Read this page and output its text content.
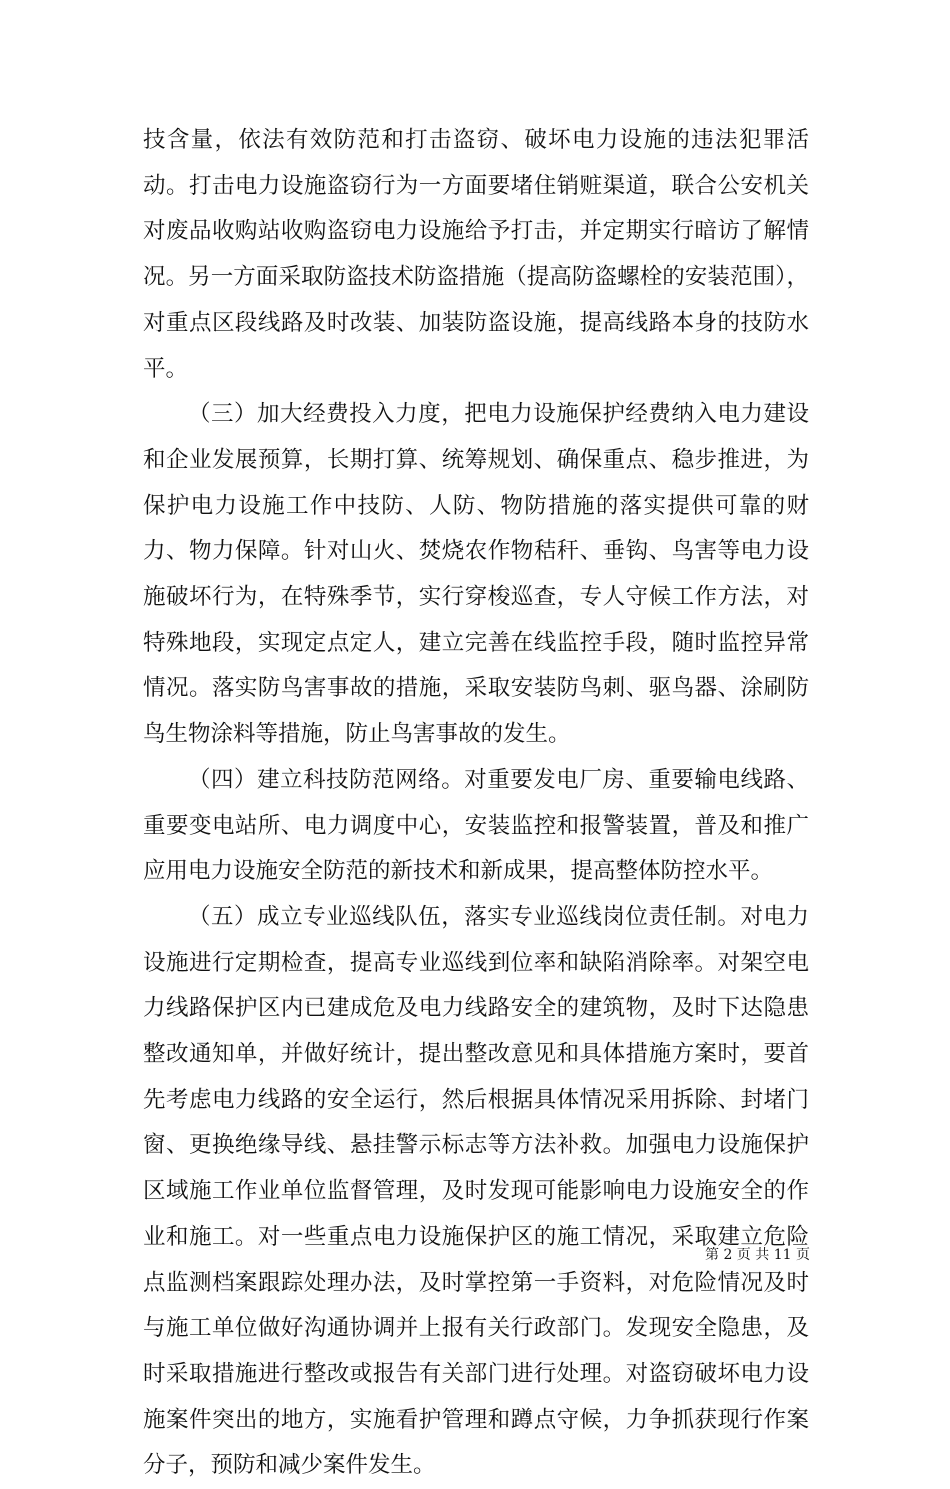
技含量，依法有效防范和打击盗窃、破坏电力设施的违法犯罪活动。打击电力设施盗窃行为一方面要堵住销赃渠道，联合公安机关对废品收购站收购盗窃电力设施给予打击，并定期实行暗访了解情况。另一方面采取防盗技术防盗措施（提高防盗螺栓的安装范围），对重点区段线路及时改装、加装防盗设施，提高线路本身的技防水平。

（三）加大经费投入力度，把电力设施保护经费纳入电力建设和企业发展预算，长期打算、统筹规划、确保重点、稳步推进，为保护电力设施工作中技防、人防、物防措施的落实提供可靠的财力、物力保障。针对山火、焚烧农作物秸秆、垂钩、鸟害等电力设施破坏行为，在特殊季节，实行穿梭巡查，专人守候工作方法，对特殊地段，实现定点定人，建立完善在线监控手段，随时监控异常情况。落实防鸟害事故的措施，采取安装防鸟刺、驱鸟器、涂刷防鸟生物涂料等措施，防止鸟害事故的发生。

（四）建立科技防范网络。对重要发电厂房、重要输电线路、重要变电站所、电力调度中心，安装监控和报警装置，普及和推广应用电力设施安全防范的新技术和新成果，提高整体防控水平。

（五）成立专业巡线队伍，落实专业巡线岗位责任制。对电力设施进行定期检查，提高专业巡线到位率和缺陷消除率。对架空电力线路保护区内已建成危及电力线路安全的建筑物，及时下达隐患整改通知单，并做好统计，提出整改意见和具体措施方案时，要首先考虑电力线路的安全运行，然后根据具体情况采用拆除、封堵门窗、更换绝缘导线、悬挂警示标志等方法补救。加强电力设施保护区域施工作业单位监督管理，及时发现可能影响电力设施安全的作业和施工。对一些重点电力设施保护区的施工情况，采取建立危险点监测档案跟踪处理办法，及时掌控第一手资料，对危险情况及时与施工单位做好沟通协调并上报有关行政部门。发现安全隐患，及时采取措施进行整改或报告有关部门进行处理。对盗窃破坏电力设施案件突出的地方，实施看护管理和蹲点守候，力争抓获现行作案分子，预防和减少案件发生。

第 2 页 共 11 页
